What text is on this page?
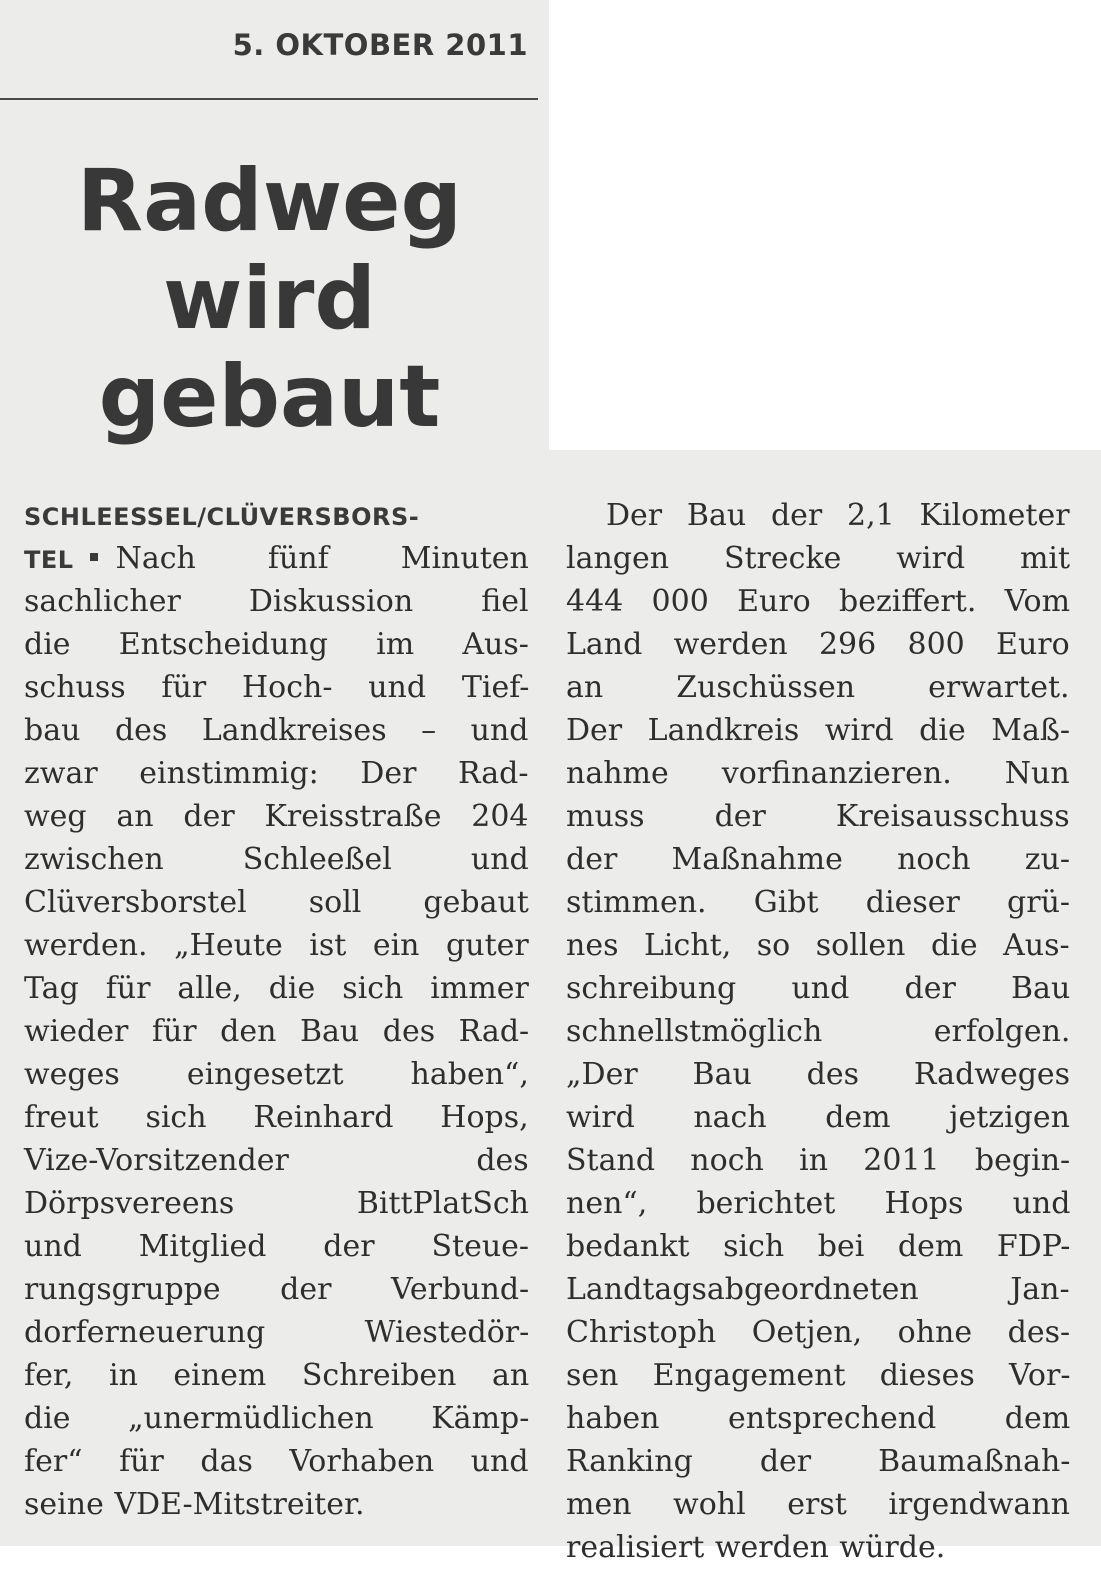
5. OKTOBER 2011
Radweg
wird
gebaut
SCHLEESSEL/CLÜVERSBORS-
TEL Nach fünf Minuten
sachlicher Diskussion fiel
die Entscheidung im Aus-
schuss für Hoch- und Tief-
bau des Landkreises – und
zwar einstimmig: Der Rad-
weg an der Kreisstraße 204
zwischen Schleeßel und
Clüversborstel soll gebaut
werden. „Heute ist ein guter
Tag für alle, die sich immer
wieder für den Bau des Rad-
weges eingesetzt haben“,
freut sich Reinhard Hops,
Vize-Vorsitzender des
Dörpsvereens BittPlatSch
und Mitglied der Steue-
rungsgruppe der Verbund-
dorferneuerung Wiestedör-
fer, in einem Schreiben an
die „unermüdlichen Kämp-
fer“ für das Vorhaben und
seine VDE-Mitstreiter.
Der Bau der 2,1 Kilometer
langen Strecke wird mit
444 000 Euro beziffert. Vom
Land werden 296 800 Euro
an Zuschüssen erwartet.
Der Landkreis wird die Maß-
nahme vorfinanzieren. Nun
muss der Kreisausschuss
der Maßnahme noch zu-
stimmen. Gibt dieser grü-
nes Licht, so sollen die Aus-
schreibung und der Bau
schnellstmöglich erfolgen.
„Der Bau des Radweges
wird nach dem jetzigen
Stand noch in 2011 begin-
nen“, berichtet Hops und
bedankt sich bei dem FDP-
Landtagsabgeordneten Jan-
Christoph Oetjen, ohne des-
sen Engagement dieses Vor-
haben entsprechend dem
Ranking der Baumaßnah-
men wohl erst irgendwann
realisiert werden würde.
